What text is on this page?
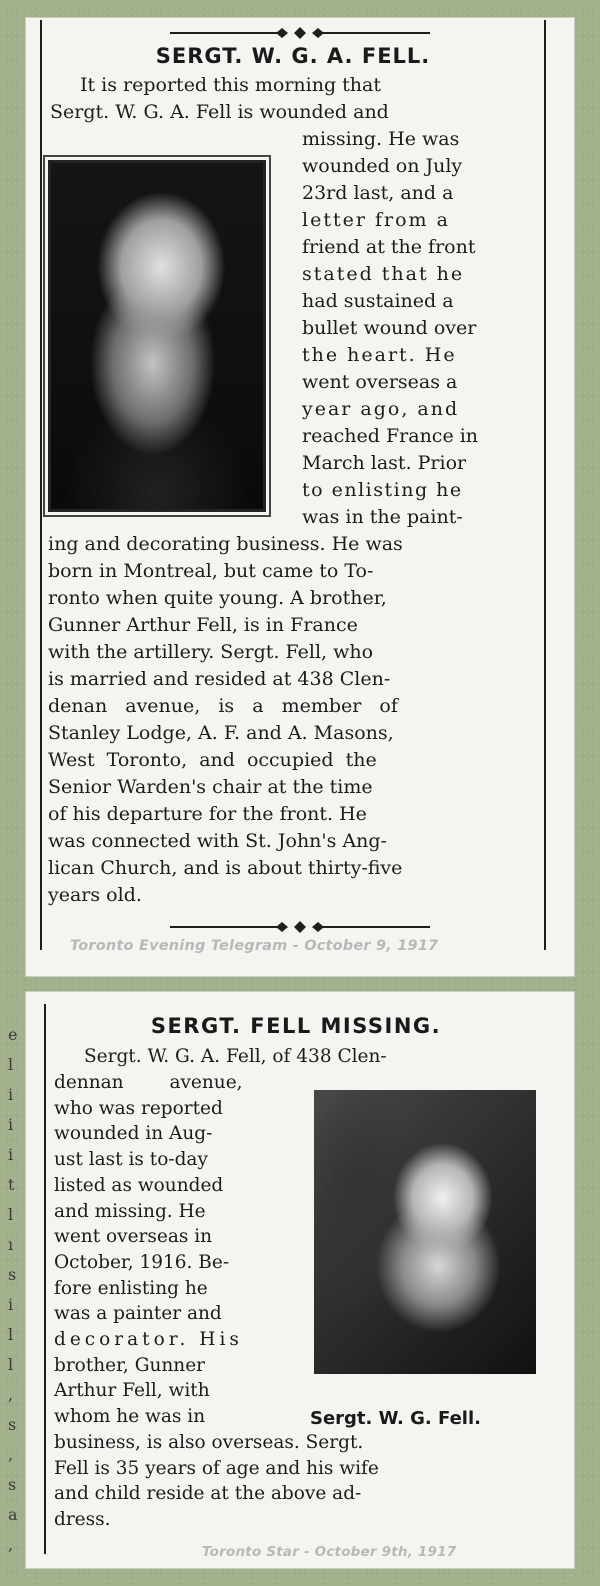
SERGT. W. G. A. FELL.
It is reported this morning that
Sergt. W. G. A. Fell is wounded and
missing. He was
wounded on July
23rd last, and a
letter from a
friend at the front
stated that he
had sustained a
bullet wound over
the heart. He
went overseas a
year ago, and
reached France in
March last. Prior
to enlisting he
was in the paint-
ing and decorating business. He was
born in Montreal, but came to To-
ronto when quite young. A brother,
Gunner Arthur Fell, is in France
with the artillery. Sergt. Fell, who
is married and resided at 438 Clen-
denan avenue, is a member of
Stanley Lodge, A. F. and A. Masons,
West Toronto, and occupied the
Senior Warden's chair at the time
of his departure for the front. He
was connected with St. John's Ang-
lican Church, and is about thirty-five
years old.
Toronto Evening Telegram - October 9, 1917
e
l
i
i
i
t
l
ı
s
i
l
l
,
s
,
s
a
,
SERGT. FELL MISSING.
Sergt. W. G. A. Fell, of 438 Clen-
dennan avenue,
who was reported
wounded in Aug-
ust last is to-day
listed as wounded
and missing. He
went overseas in
October, 1916. Be-
fore enlisting he
was a painter and
decorator. His
brother, Gunner
Arthur Fell, with
whom he was in	Sergt. W. G. Fell.
business, is also overseas. Sergt.
Fell is 35 years of age and his wife
and child reside at the above ad-
dress.
Toronto Star - October 9th, 1917
